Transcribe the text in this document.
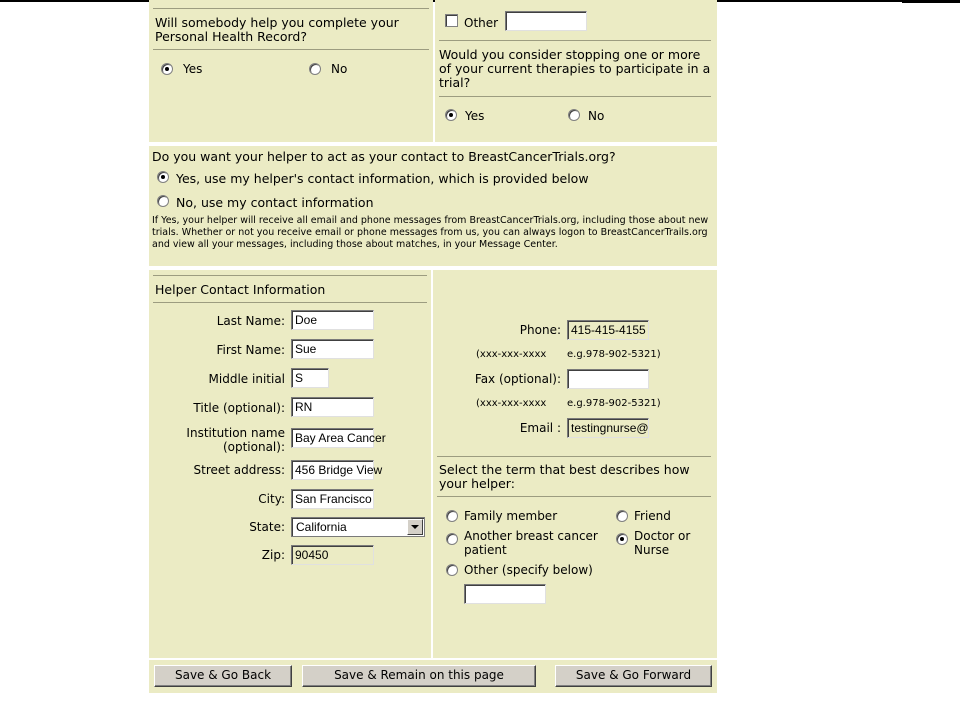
Will somebody help you complete your Personal Health Record?
Yes	No
Other
Would you consider stopping one or more of your current therapies to participate in a trial?
Yes	No
Do you want your helper to act as your contact to BreastCancerTrials.org?
Yes, use my helper's contact information, which is provided below
No, use my contact information
If Yes, your helper will receive all email and phone messages from BreastCancerTrials.org, including those about new trials. Whether or not you receive email or phone messages from us, you can always logon to BreastCancerTrails.org and view all your messages, including those about matches, in your Message Center.
Helper Contact Information
Last Name: Doe
First Name: Sue
Middle initial S
Title (optional): RN
Institution name
(optional):
Bay Area Cancer
Street address: 456 Bridge View
City: San Francisco
State: California
Zip: 90450
Phone: 415-415-4155
(xxx-xxx-xxxx e.g.978-902-5321)
Fax (optional):
(xxx-xxx-xxxx e.g.978-902-5321)
Email : testingnurse@
Select the term that best describes how your helper:
Family member	Friend
Another breast cancer
patient
Doctor or
Nurse
Other (specify below)
Save & Go Back	Save & Remain on this page	Save & Go Forward
